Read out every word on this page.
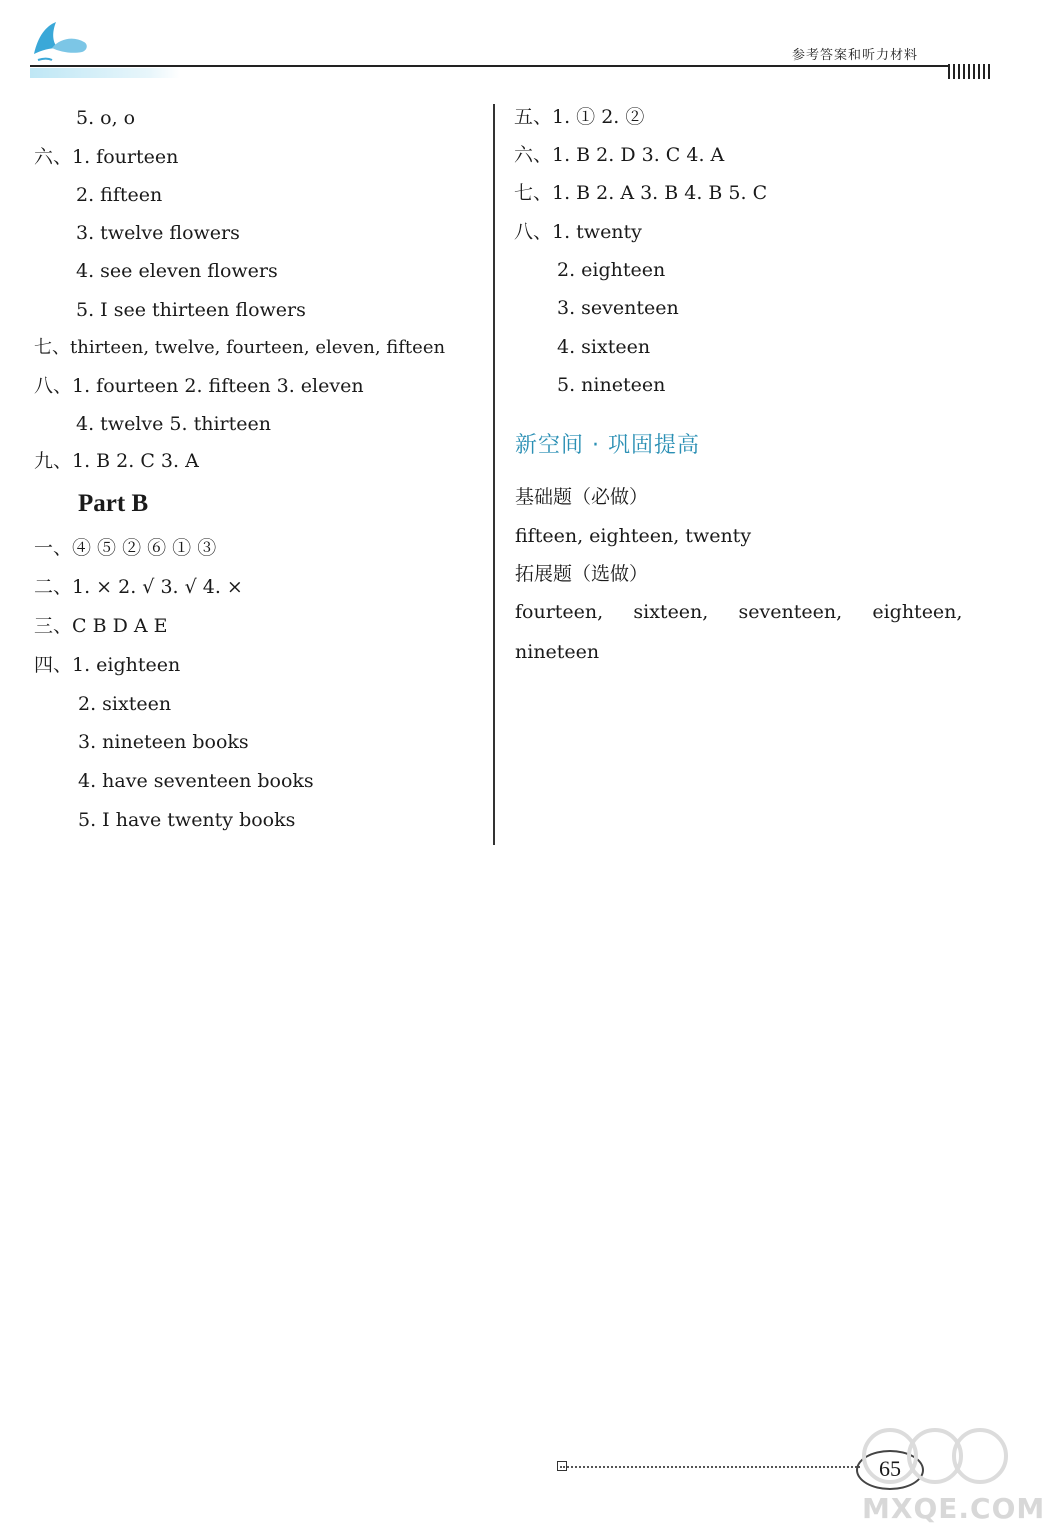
参考答案和听力材料
5. o, o
六、1. fourteen
2. fifteen
3. twelve flowers
4. see eleven flowers
5. I see thirteen flowers
七、thirteen, twelve, fourteen, eleven, fifteen
八、1. fourteen 2. fifteen 3. eleven
4. twelve 5. thirteen
九、1. B 2. C 3. A
Part B
一、④ ⑤ ② ⑥ ① ③
二、1. × 2. √ 3. √ 4. ×
三、C B D A E
四、1. eighteen
2. sixteen
3. nineteen books
4. have seventeen books
5. I have twenty books
五、1. ① 2. ②
六、1. B 2. D 3. C 4. A
七、1. B 2. A 3. B 4. B 5. C
八、1. twenty
2. eighteen
3. seventeen
4. sixteen
5. nineteen
新空间 · 巩固提高
基础题（必做）
fifteen, eighteen, twenty
拓展题（选做）
fourteen,     sixteen,     seventeen,     eighteen,
nineteen
65
MXQE.COM
